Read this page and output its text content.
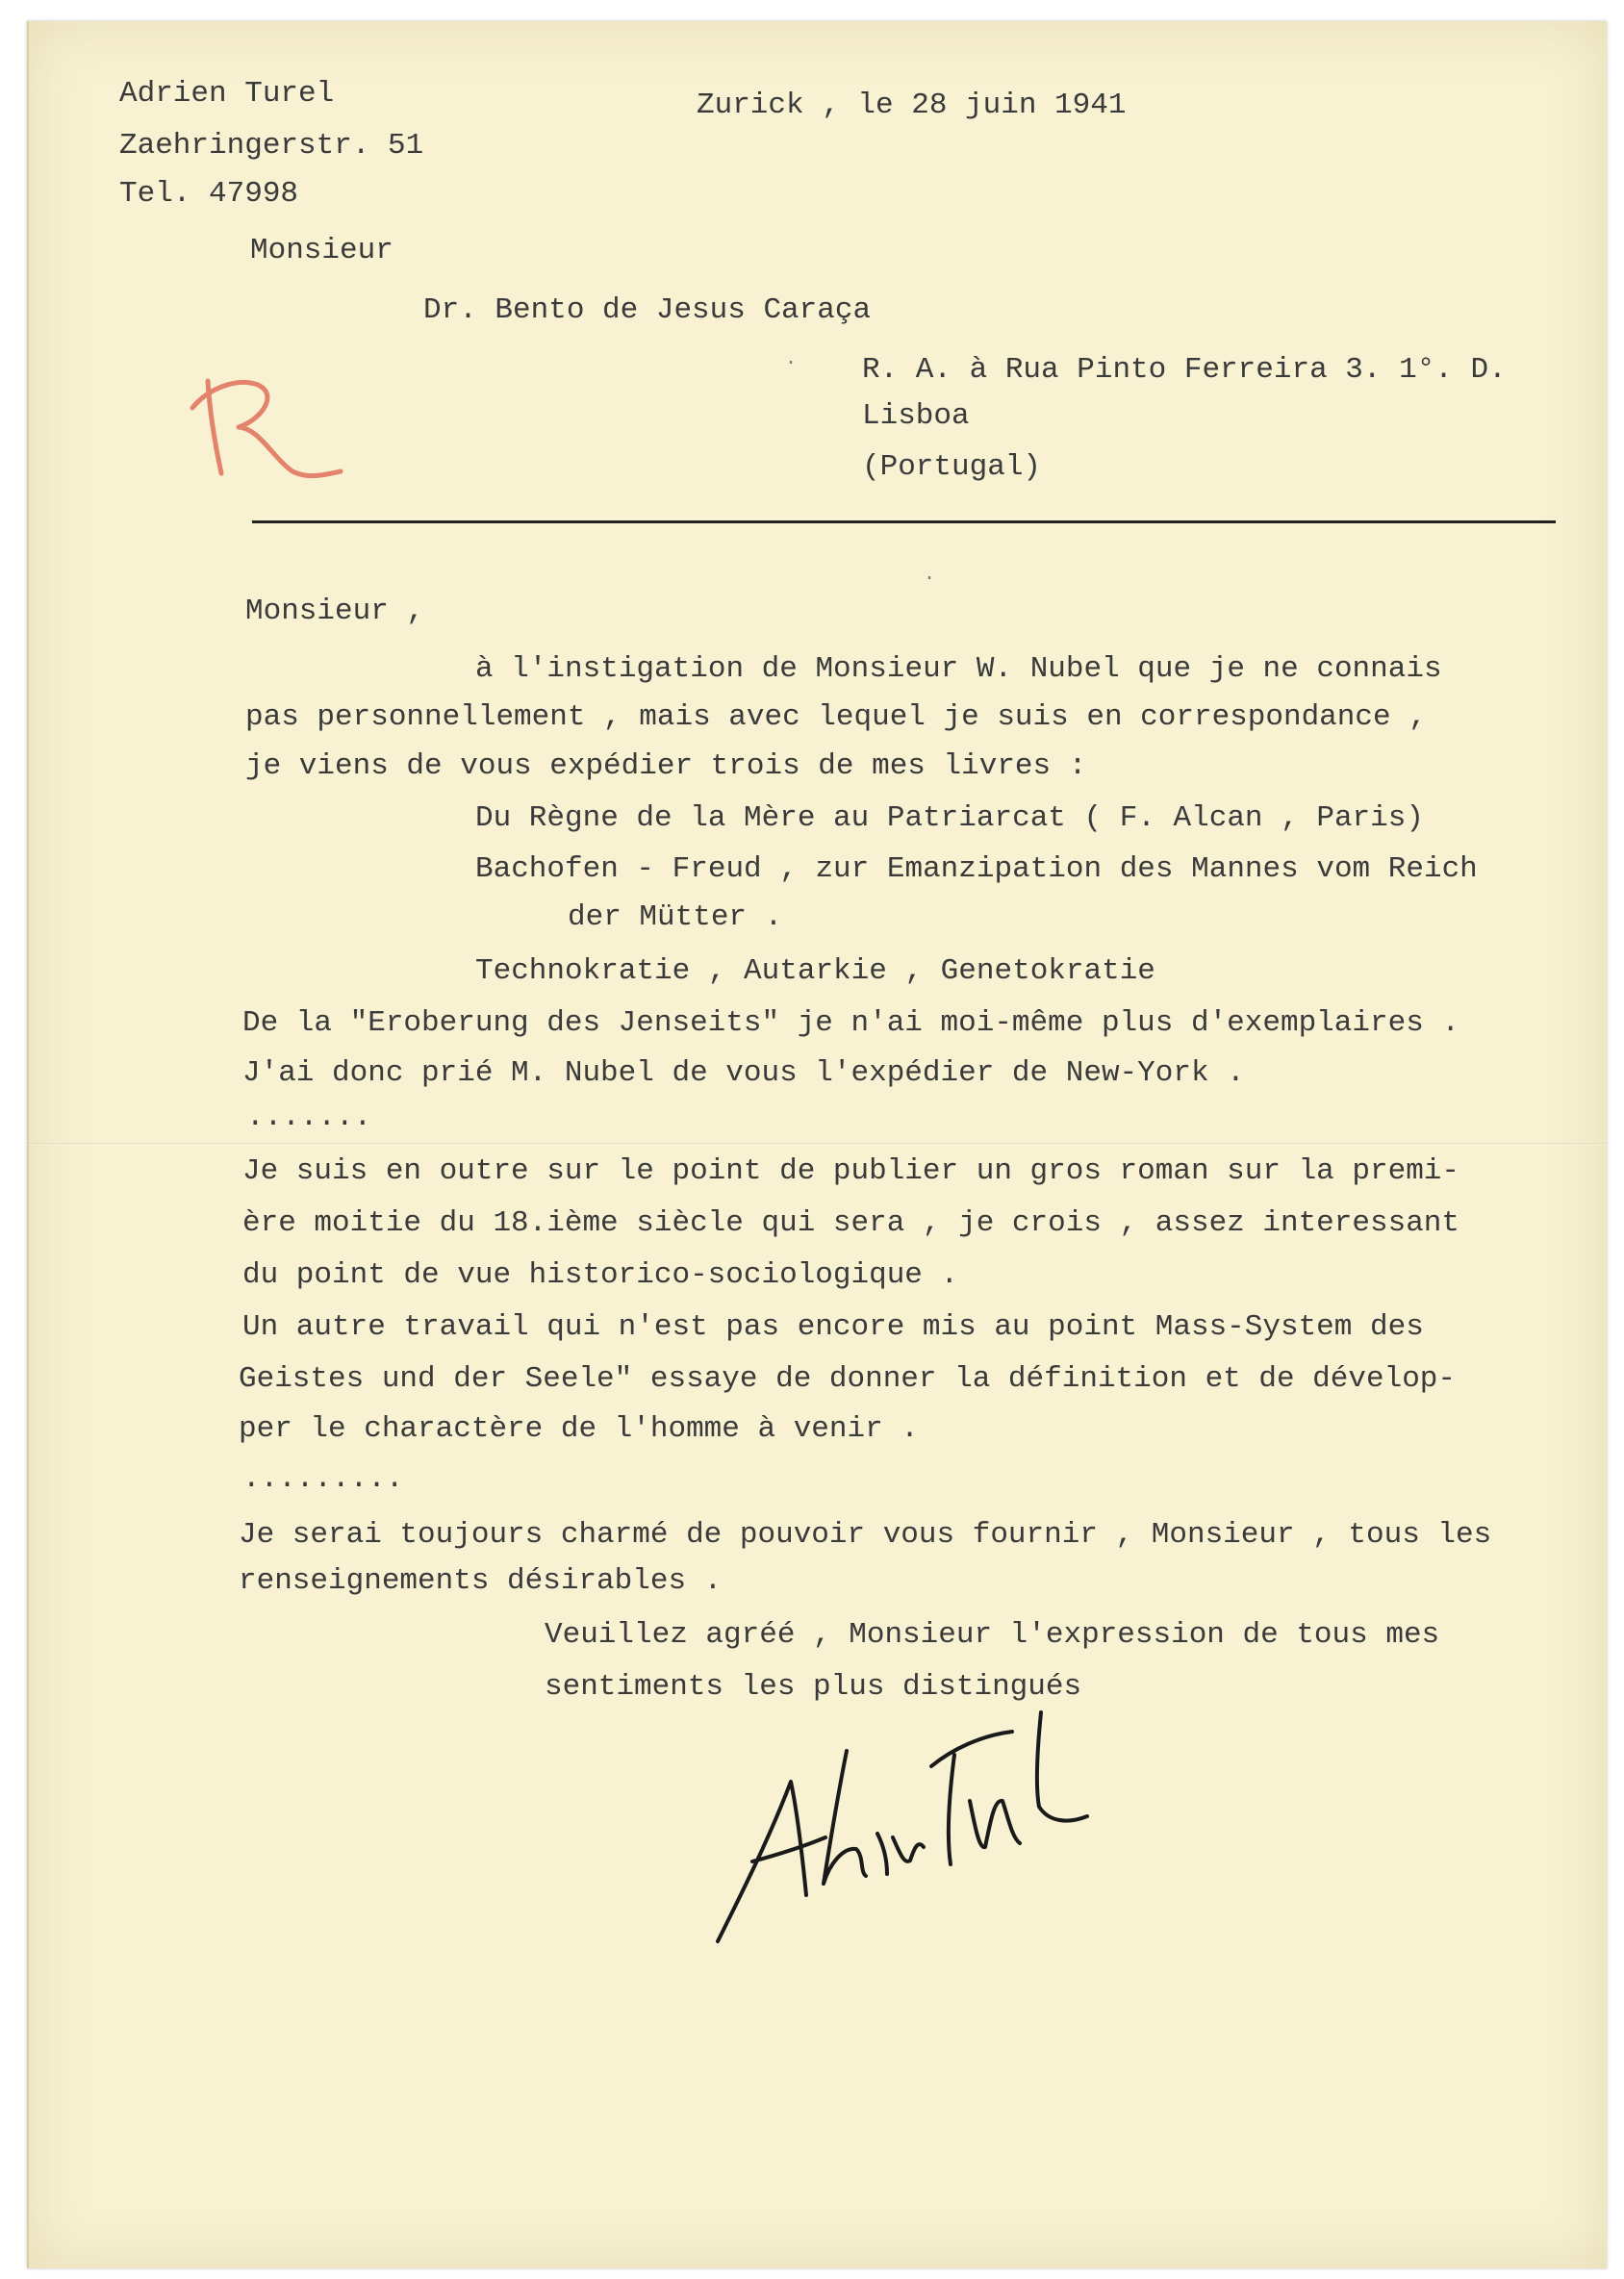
Adrien Turel
Zaehringerstr. 51
Tel. 47998
Zurick , le 28 juin 1941
Monsieur
Dr. Bento de Jesus Caraça
R. A. à Rua Pinto Ferreira 3. 1°. D.
Lisboa
(Portugal)
·
·
Monsieur ,
à l'instigation de Monsieur W. Nubel que je ne connais
pas personnellement , mais avec lequel je suis en correspondance ,
je viens de vous expédier trois de mes livres :
Du Règne de la Mère au Patriarcat ( F. Alcan , Paris)
Bachofen - Freud , zur Emanzipation des Mannes vom Reich
der Mütter .
Technokratie , Autarkie , Genetokratie
De la "Eroberung des Jenseits" je n'ai moi-même plus d'exemplaires .
J'ai donc prié M. Nubel de vous l'expédier de New-York .
.......
Je suis en outre sur le point de publier un gros roman sur la premi-
ère moitie du 18.ième siècle qui sera , je crois , assez interessant
du point de vue historico-sociologique .
Un autre travail qui n'est pas encore mis au point Mass-System des
Geistes und der Seele" essaye de donner la définition et de dévelop-
per le charactère de l'homme à venir .
.........
Je serai toujours charmé de pouvoir vous fournir , Monsieur , tous les
renseignements désirables .
Veuillez agréé , Monsieur l'expression de tous mes
sentiments les plus distingués
